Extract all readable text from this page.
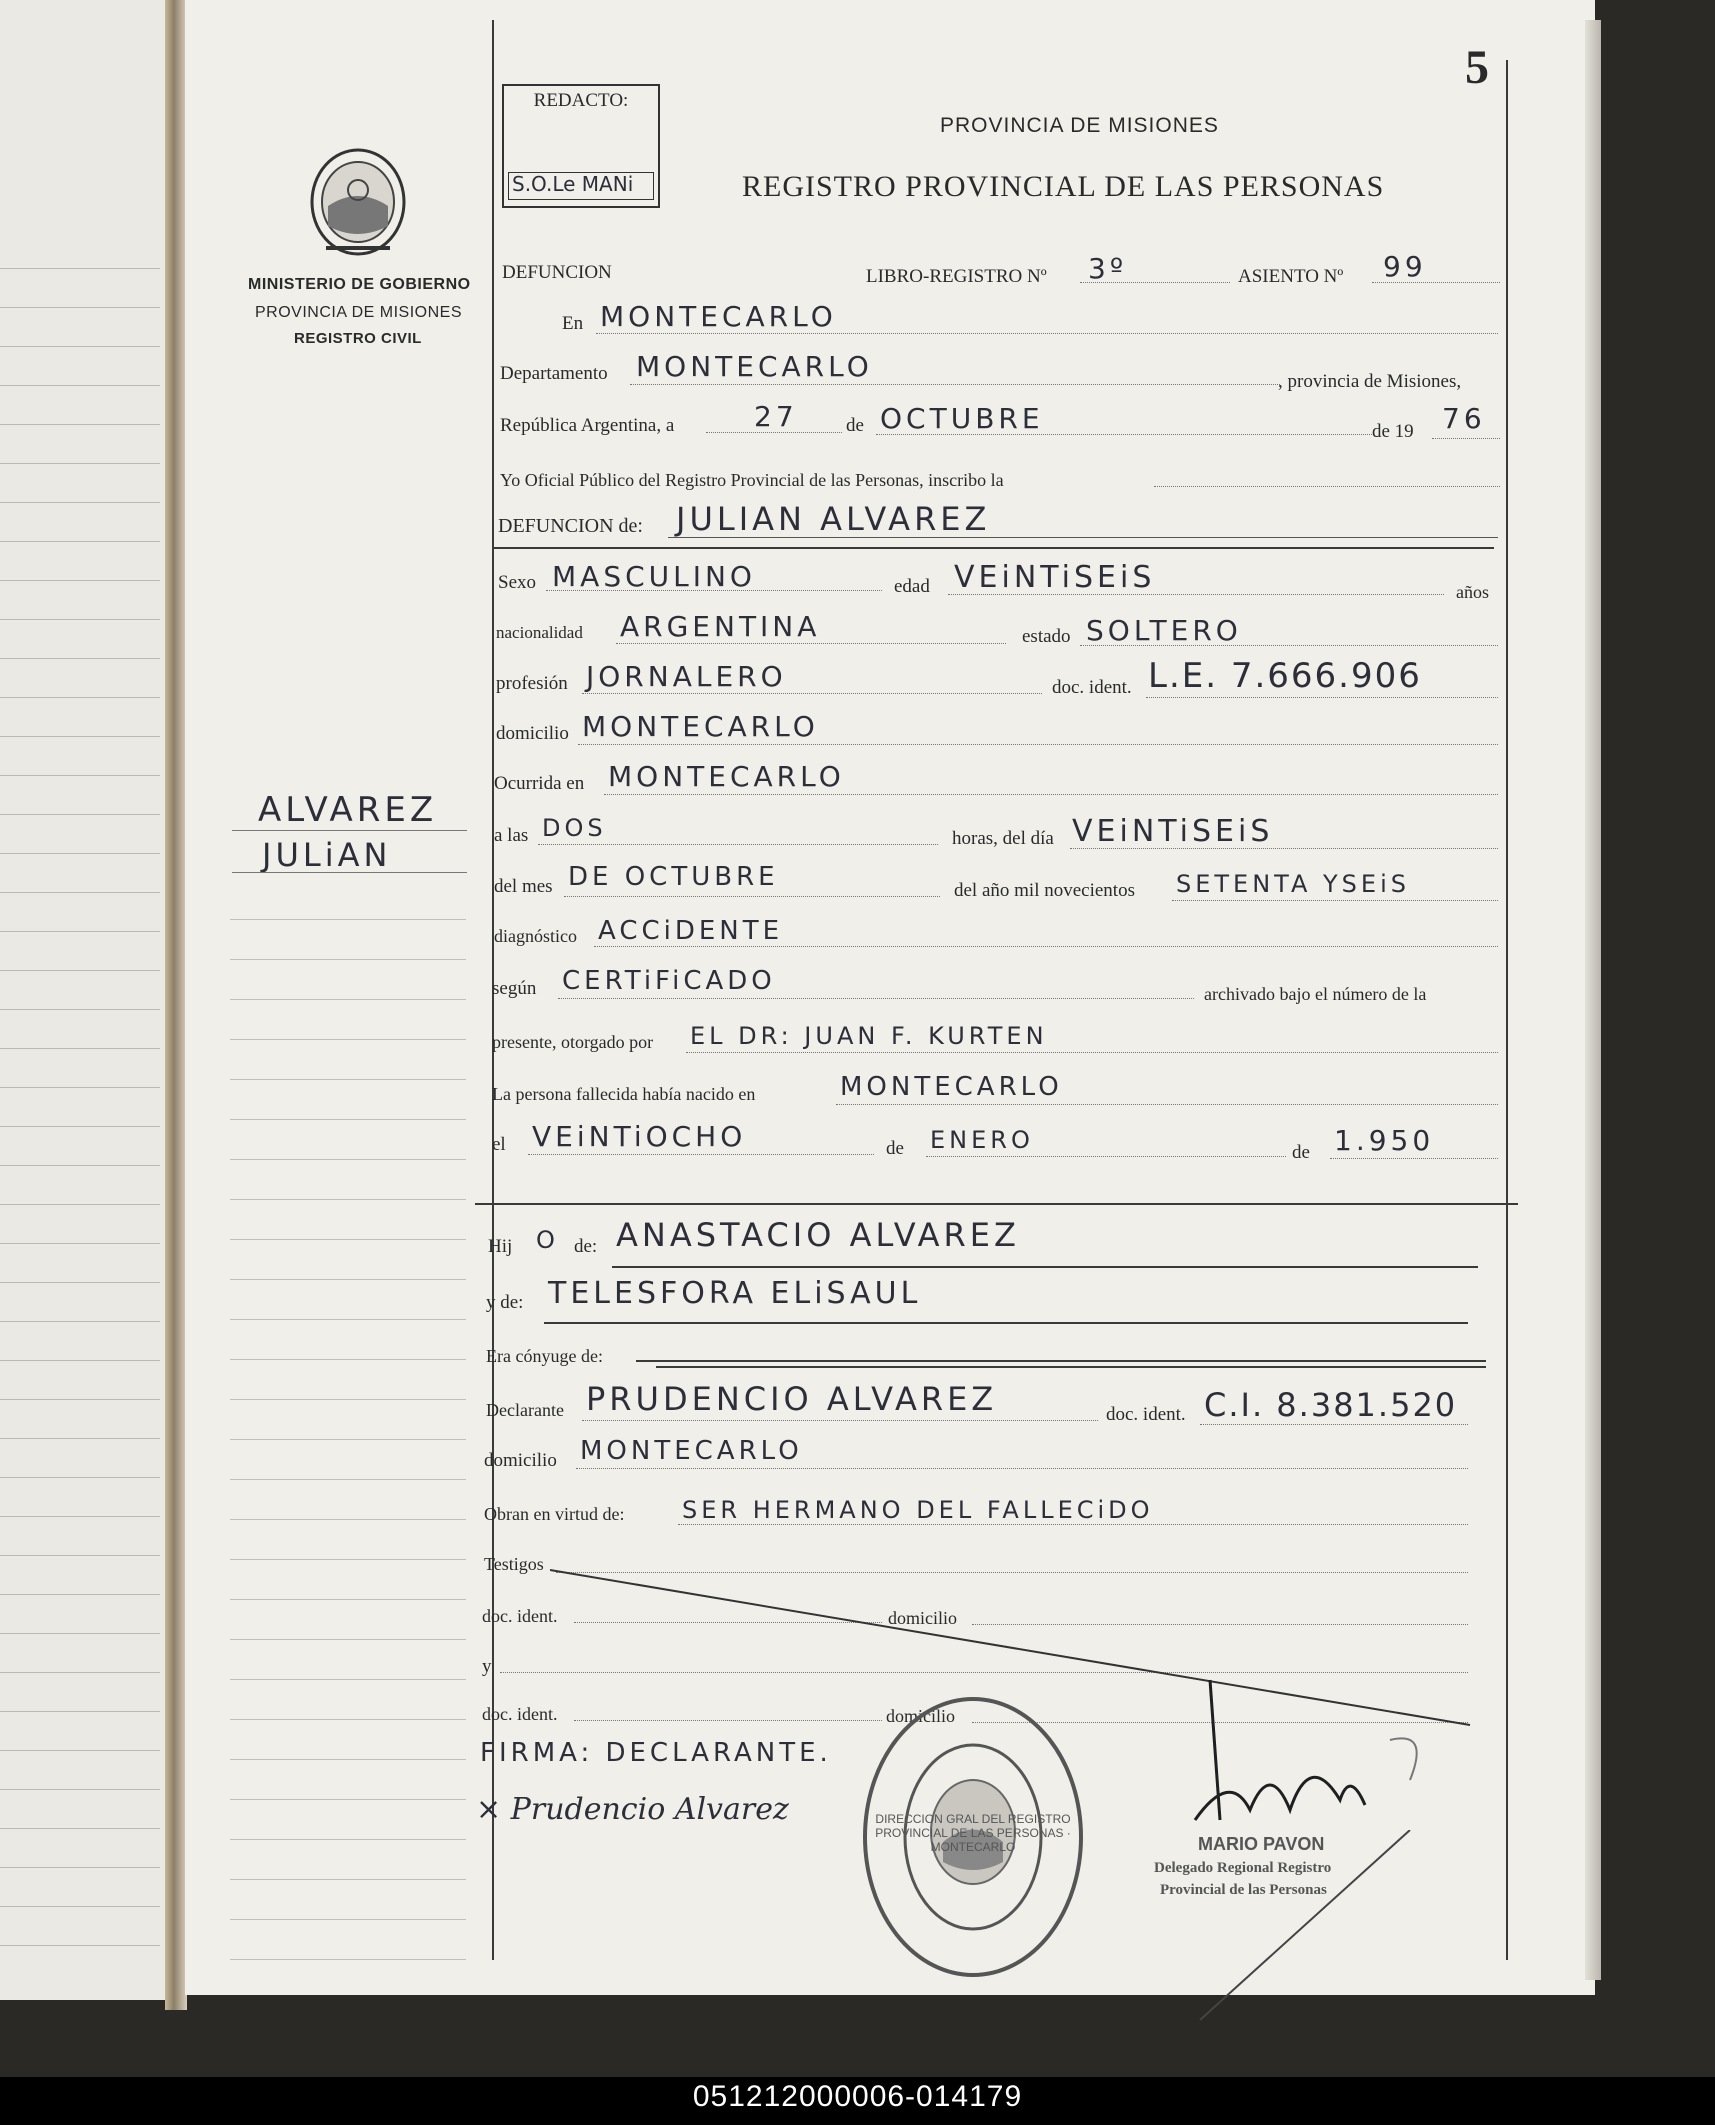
5
REDACTO:
S.O.Le MANi
PROVINCIA DE MISIONES
REGISTRO PROVINCIAL DE LAS PERSONAS
MINISTERIO DE GOBIERNO
PROVINCIA DE MISIONES
REGISTRO CIVIL
ALVAREZ
JULiAN
DEFUNCION	LIBRO-REGISTRO Nº 3º	ASIENTO Nº 99
En MONTECARLO
Departamento MONTECARLO	, provincia de Misiones,
República Argentina, a	27	de OCTUBRE	de 19 76
Yo Oficial Público del Registro Provincial de las Personas, inscribo la
DEFUNCION de: JULIAN ALVAREZ
Sexo MASCULINO	edad VEiNTiSEiS	años
nacionalidad ARGENTINA	estado SOLTERO
profesión JORNALERO	doc. ident. L.E. 7.666.906
domicilio MONTECARLO
Ocurrida en MONTECARLO
a las DOS	horas, del día VEiNTiSEiS
del mes DE OCTUBRE	del año mil novecientos SETENTA YSEiS
diagnóstico ACCiDENTE
según CERTiFiCADO	archivado bajo el número de la
presente, otorgado por EL DR: JUAN F. KURTEN
La persona fallecida había nacido en	MONTECARLO
el VEiNTiOCHO	de ENERO	de 1.950
Hij O de: ANASTACIO ALVAREZ
y de: TELESFORA ELiSAUL
Era cónyuge de:
Declarante PRUDENCIO ALVAREZ	doc. ident. C.I. 8.381.520
domicilio MONTECARLO
Obran en virtud de: SER HERMANO DEL FALLECiDO
Testigos
doc. ident.	domicilio
y
doc. ident.	domicilio
FIRMA: DECLARANTE.
× Prudencio Alvarez	DIRECCION GRAL DEL REGISTRO PROVINCIAL DE LAS PERSONAS · MONTECARLO	MARIO PAVON
Delegado Regional Registro
Provincial de las Personas
051212000006-014179
